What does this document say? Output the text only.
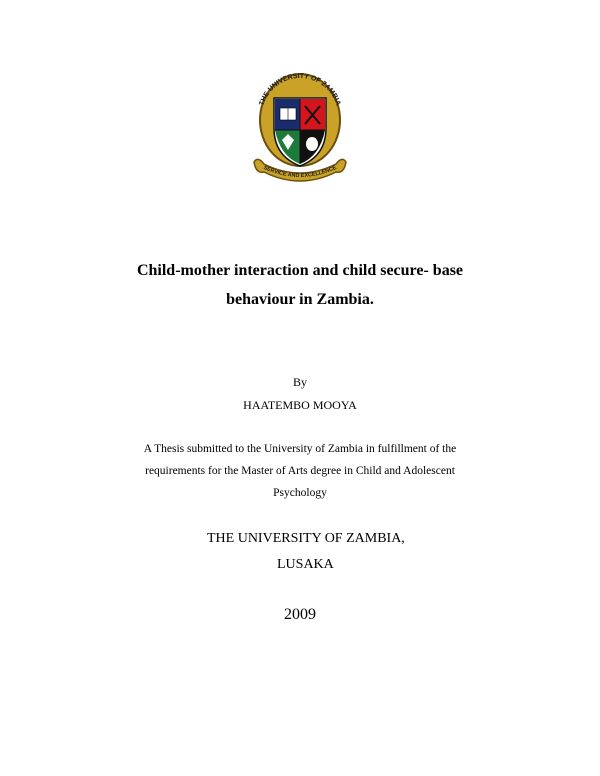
THE UNIVERSITY OF ZAMBIA
SERVICE AND EXCELLENCE
Child-mother interaction and child secure- base
behaviour in Zambia.
By
HAATEMBO MOOYA
A Thesis submitted to the University of Zambia in fulfillment of the
requirements for the Master of Arts degree in Child and Adolescent
Psychology
THE UNIVERSITY OF ZAMBIA,
LUSAKA
2009
